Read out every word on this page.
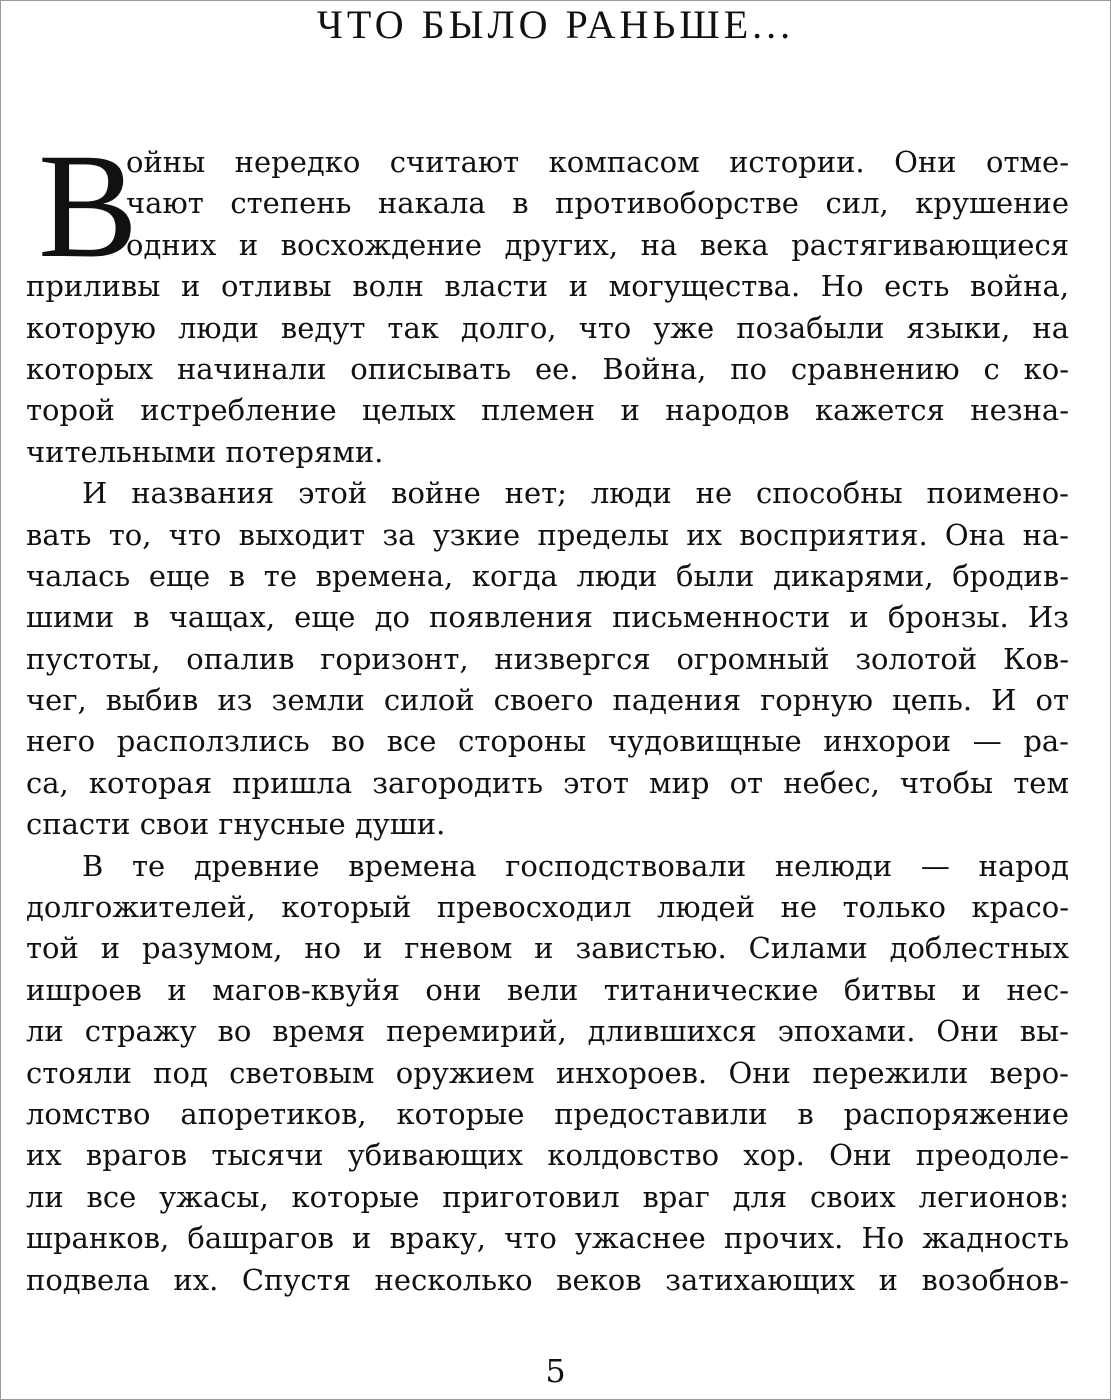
ЧТО БЫЛО РАНЬШЕ...
В
ойны нередко считают компасом истории. Они отме-
чают степень накала в противоборстве сил, крушение
одних и восхождение других, на века растягивающиеся
приливы и отливы волн власти и могущества. Но есть война,
которую люди ведут так долго, что уже позабыли языки, на
которых начинали описывать ее. Война, по сравнению с ко-
торой истребление целых племен и народов кажется незна-
чительными потерями.
И названия этой войне нет; люди не способны поимено-
вать то, что выходит за узкие пределы их восприятия. Она на-
чалась еще в те времена, когда люди были дикарями, бродив-
шими в чащах, еще до появления письменности и бронзы. Из
пустоты, опалив горизонт, низвергся огромный золотой Ков-
чег, выбив из земли силой своего падения горную цепь. И от
него расползлись во все стороны чудовищные инхорои — ра-
са, которая пришла загородить этот мир от небес, чтобы тем
спасти свои гнусные души.
В те древние времена господствовали нелюди — народ
долгожителей, который превосходил людей не только красо-
той и разумом, но и гневом и завистью. Силами доблестных
ишроев и магов-квуйя они вели титанические битвы и нес-
ли стражу во время перемирий, длившихся эпохами. Они вы-
стояли под световым оружием инхороев. Они пережили веро-
ломство апоретиков, которые предоставили в распоряжение
их врагов тысячи убивающих колдовство хор. Они преодоле-
ли все ужасы, которые приготовил враг для своих легионов:
шранков, башрагов и враку, что ужаснее прочих. Но жадность
подвела их. Спустя несколько веков затихающих и возобнов-
5
